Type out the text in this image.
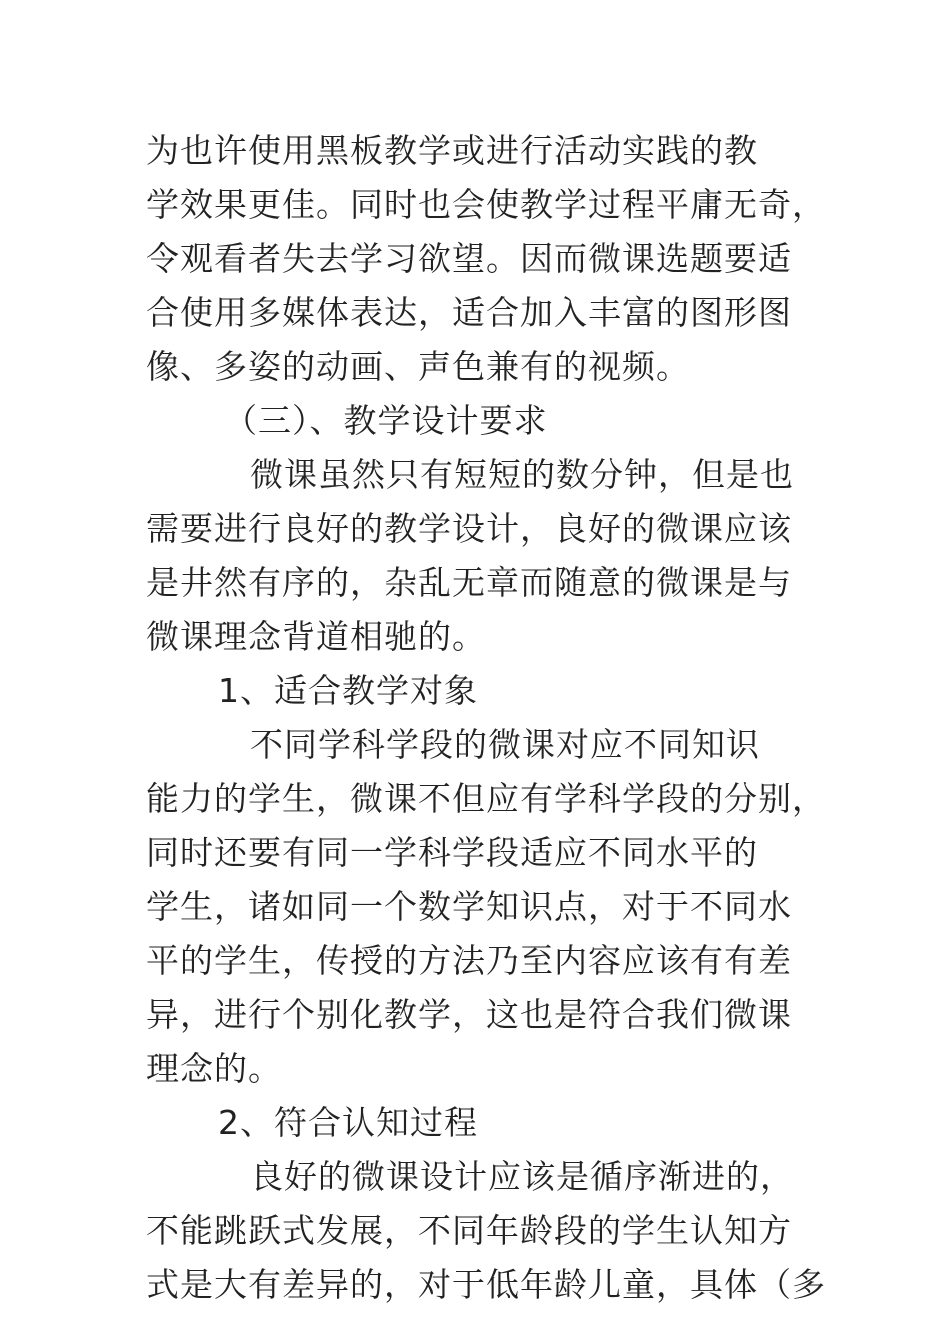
为也许使用黑板教学或进行活动实践的教
学效果更佳。同时也会使教学过程平庸无奇，
令观看者失去学习欲望。因而微课选题要适
合使用多媒体表达，适合加入丰富的图形图
像、多姿的动画、声色兼有的视频。
（三）、教学设计要求
微课虽然只有短短的数分钟，但是也
需要进行良好的教学设计，良好的微课应该
是井然有序的，杂乱无章而随意的微课是与
微课理念背道相驰的。
1、适合教学对象
不同学科学段的微课对应不同知识
能力的学生，微课不但应有学科学段的分别，
同时还要有同一学科学段适应不同水平的
学生，诸如同一个数学知识点，对于不同水
平的学生，传授的方法乃至内容应该有有差
异，进行个别化教学，这也是符合我们微课
理念的。
2、符合认知过程
良好的微课设计应该是循序渐进的，
不能跳跃式发展，不同年龄段的学生认知方
式是大有差异的，对于低年龄儿童，具体（多
